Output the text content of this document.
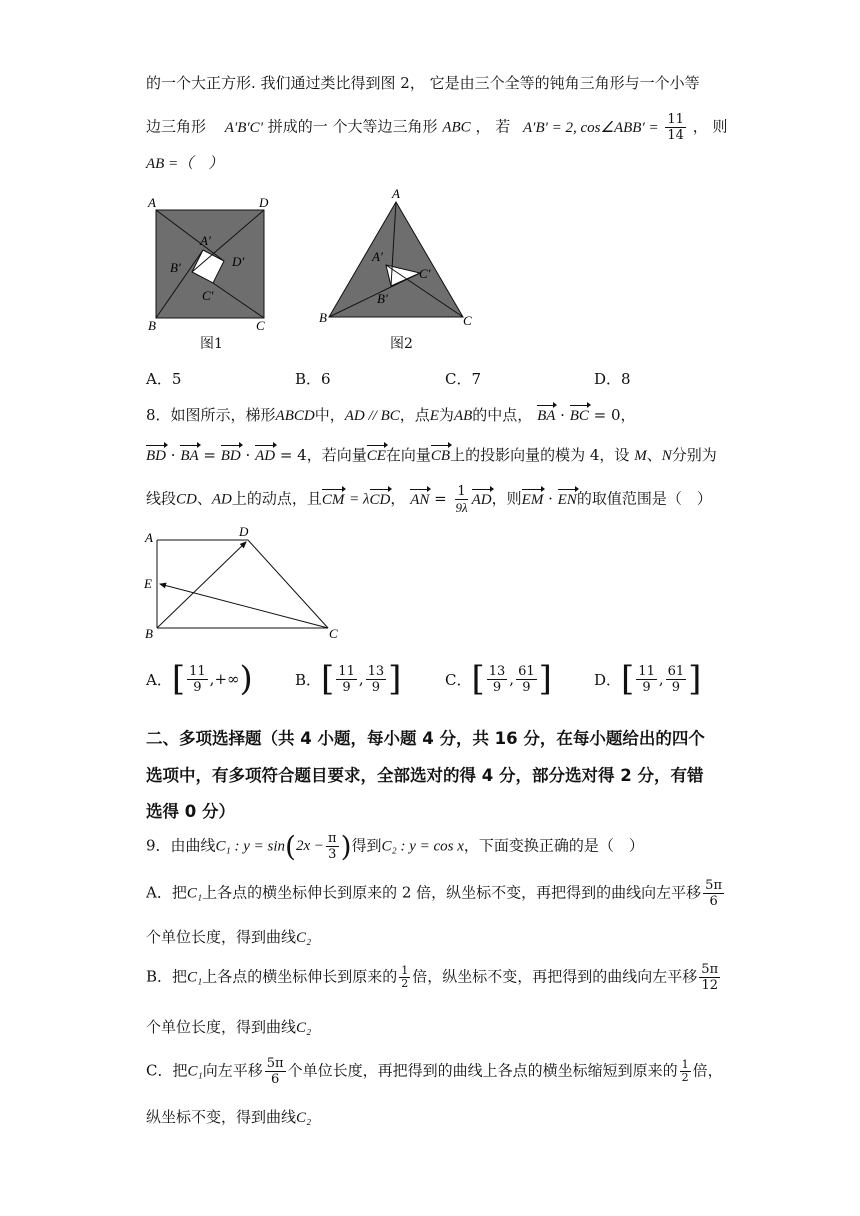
的一个大正方形. 我们通过类比得到图 2， 它是由三个全等的钝角三角形与一个小等
边三角形 A′B′C′ 拼成的一 个大等边三角形 ABC ， 若 A′B′ = 2, cos∠ABB′ = $\frac{11}{14}$ ， 则
AB =（　）
A	D
A′
D′
B′
C′
B	C
图1
A
A′
C′
B′
B	C
图2
A．5	B．6	C．7	D．8
8．如图所示，梯形ABCD中，AD // BC，点E为AB的中点， BA · BC = 0，
BD · BA = BD · AD = 4，若向量CE在向量CB上的投影向量的模为 4，设 M、N分别为
线段CD、AD上的动点，且CM = λCD， AN = $\frac{1}{9\lambda}$ AD，则EM · EN的取值范围是（　）
A	D
E
B	C
A． [ $\frac{11}{9}$ , +∞ )	B． [ $\frac{11}{9}$ , $\frac{13}{9}$ ]	C． [ $\frac{13}{9}$ , $\frac{61}{9}$ ]	D． [ $\frac{11}{9}$ , $\frac{61}{9}$ ]
二、多项选择题（共 4 小题，每小题 4 分，共 16 分，在每小题给出的四个
选项中，有多项符合题目要求，全部选对的得 4 分，部分选对得 2 分，有错
选得 0 分）
9．由曲线C₁ : y = sin ( $2x - \frac{\pi}{3}$ ) 得到C₂ : y = cos x，下面变换正确的是（　）
A．把C₁上各点的横坐标伸长到原来的 2 倍，纵坐标不变，再把得到的曲线向左平移 $\frac{5\pi}{6}$
个单位长度，得到曲线C₂
B．把C₁上各点的横坐标伸长到原来的 $\frac{1}{2}$ 倍，纵坐标不变，再把得到的曲线向左平移 $\frac{5\pi}{12}$
个单位长度，得到曲线C₂
C．把C₁向左平移 $\frac{5\pi}{6}$ 个单位长度，再把得到的曲线上各点的横坐标缩短到原来的 $\frac{1}{2}$ 倍，
纵坐标不变，得到曲线C₂
